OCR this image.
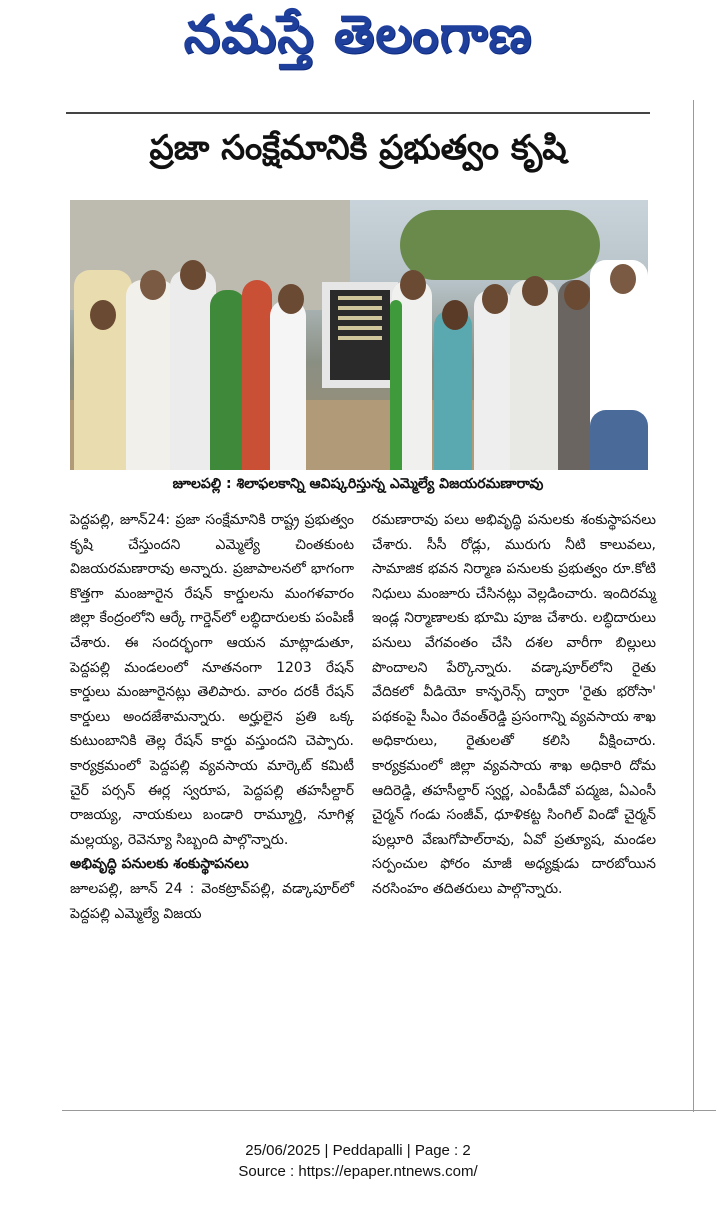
నమస్తే తెలంగాణ
ప్రజా సంక్షేమానికి ప్రభుత్వం కృషి
జూలపల్లి : శిలాఫలకాన్ని ఆవిష్కరిస్తున్న ఎమ్మెల్యే విజయరమణారావు

పెద్దపల్లి, జూన్24: ప్రజా సంక్షేమానికి రాష్ట్ర ప్రభుత్వం కృషి చేస్తుందని ఎమ్మెల్యే చింతకుంట విజయరమణారావు అన్నారు. ప్రజాపాలనలో భాగంగా కొత్తగా మంజూరైన రేషన్ కార్డులను మంగళవారం జిల్లా కేంద్రంలోని ఆర్కే గార్డెన్‌లో లబ్ధిదారులకు పంపిణీ చేశారు. ఈ సందర్భంగా ఆయన మాట్లాడుతూ, పెద్దపల్లి మండలంలో నూతనంగా 1203 రేషన్ కార్డులు మంజూరైనట్లు తెలిపారు. వారం దరకీ రేషన్ కార్డులు అందజేశామన్నారు. అర్హులైన ప్రతి ఒక్క కుటుంబానికి తెల్ల రేషన్ కార్డు వస్తుందని చెప్పారు. కార్యక్రమంలో పెద్దపల్లి వ్యవసాయ మార్కెట్ కమిటీ చైర్ పర్సన్ ఈర్ల స్వరూప, పెద్దపల్లి తహసీల్దార్ రాజయ్య, నాయకులు బండారి రామ్మూర్తి, నూగిళ్ల మల్లయ్య, రెవెన్యూ సిబ్బంది పాల్గొన్నారు.

అభివృద్ధి పనులకు శంకుస్థాపనలు

జూలపల్లి, జూన్ 24 : వెంకట్రావ్‌పల్లి, వడ్కాపూర్‌లో పెద్దపల్లి ఎమ్మెల్యే విజయ

రమణారావు పలు అభివృద్ధి పనులకు శంకుస్థాపనలు చేశారు. సీసీ రోడ్లు, మురుగు నీటి కాలువలు, సామాజిక భవన నిర్మాణ పనులకు ప్రభుత్వం రూ.కోటి నిధులు మంజూరు చేసినట్లు వెల్లడించారు. ఇందిరమ్మ ఇండ్ల నిర్మాణాలకు భూమి పూజ చేశారు. లబ్ధిదారులు పనులు వేగవంతం చేసి దశల వారీగా బిల్లులు పొందాలని పేర్కొన్నారు. వడ్కాపూర్‌లోని రైతు వేదికలో వీడియో కాన్ఫరెన్స్ ద్వారా 'రైతు భరోసా' పథకంపై సీఎం రేవంత్‌రెడ్డి ప్రసంగాన్ని వ్యవసాయ శాఖ అధికారులు, రైతులతో కలిసి వీక్షించారు. కార్యక్రమంలో జిల్లా వ్యవసాయ శాఖ అధికారి దోమ ఆదిరెడ్డి, తహసీల్దార్ స్వర్ణ, ఎంపీడీవో పద్మజ, ఏఎంసీ చైర్మన్ గండు సంజీవ్, ధూళికట్ట సింగిల్ విండో చైర్మన్ పుల్లూరి వేణుగోపాల్‌రావు, ఏవో ప్రత్యూష, మండల సర్పంచుల ఫోరం మాజీ అధ్యక్షుడు దారబోయిన నరసింహం తదితరులు పాల్గొన్నారు.

25/06/2025 | Peddapalli | Page : 2
Source : https://epaper.ntnews.com/
